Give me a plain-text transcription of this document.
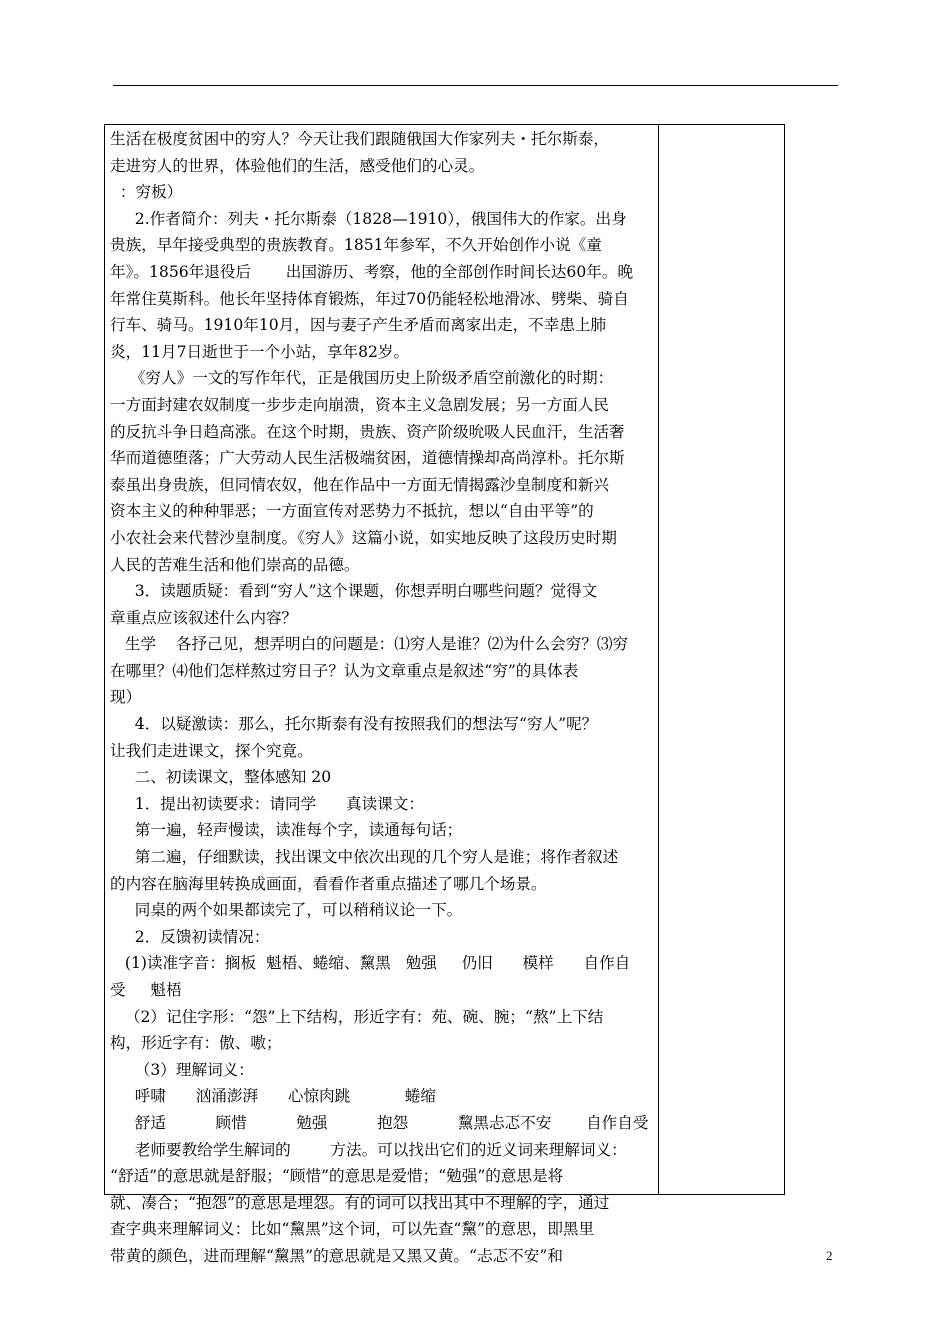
生活在极度贫困中的穷人？今天让我们跟随俄国大作家列夫・托尔斯泰，
走进穷人的世界，体验他们的生活，感受他们的心灵。
：穷板）
2.作者简介：列夫・托尔斯泰（1828—1910），俄国伟大的作家。出身
贵族，早年接受典型的贵族教育。1851年参军，不久开始创作小说《童
年》。1856年退役后       出国游历、考察，他的全部创作时间长达60年。晚
年常住莫斯科。他长年坚持体育锻炼，年过70仍能轻松地滑冰、劈柴、骑自
行车、骑马。1910年10月，因与妻子产生矛盾而离家出走，不幸患上肺
炎，11月7日逝世于一个小站，享年82岁。
《穷人》一文的写作年代，正是俄国历史上阶级矛盾空前激化的时期：
一方面封建农奴制度一步步走向崩溃，资本主义急剧发展；另一方面人民
的反抗斗争日趋高涨。在这个时期，贵族、资产阶级吮吸人民血汗，生活奢
华而道德堕落；广大劳动人民生活极端贫困，道德情操却高尚淳朴。托尔斯
泰虽出身贵族，但同情农奴，他在作品中一方面无情揭露沙皇制度和新兴
资本主义的种种罪恶；一方面宣传对恶势力不抵抗，想以“自由平等”的
小农社会来代替沙皇制度。《穷人》这篇小说，如实地反映了这段历史时期
人民的苦难生活和他们崇高的品德。
3．读题质疑：看到“穷人”这个课题，你想弄明白哪些问题？觉得文
章重点应该叙述什么内容？
生学    各抒己见，想弄明白的问题是：⑴穷人是谁？⑵为什么会穷？⑶穷
在哪里？⑷他们怎样熬过穷日子？认为文章重点是叙述“穷”的具体表
现）
4．以疑激读：那么，托尔斯泰有没有按照我们的想法写“穷人”呢？
让我们走进课文，探个究竟。
二、初读课文，整体感知 20
1．提出初读要求：请同学      真读课文：
第一遍，轻声慢读，读准每个字，读通每句话；
第二遍，仔细默读，找出课文中依次出现的几个穷人是谁；将作者叙述
的内容在脑海里转换成画面，看看作者重点描述了哪几个场景。
同桌的两个如果都读完了，可以稍稍议论一下。
2．反馈初读情况：
(1)读准字音：搁板  魁梧、蜷缩、黧黑   勉强     仍旧      模样      自作自
受     魁梧
（2）记住字形：“怨”上下结构，形近字有：苑、碗、腕；“熬”上下结
构，形近字有：傲、嗷；
（3）理解词义：
呼啸      汹涌澎湃      心惊肉跳           蜷缩
舒适          顾惜          勉强          抱怨          黧黑忐忑不安       自作自受
老师要教给学生解词的        方法。可以找出它们的近义词来理解词义：
“舒适”的意思就是舒服；“顾惜”的意思是爱惜；“勉强”的意思是将
就、凑合；“抱怨”的意思是埋怨。有的词可以找出其中不理解的字，通过
查字典来理解词义：比如“黧黑”这个词，可以先查“黧”的意思，即黑里
带黄的颜色，进而理解“黧黑”的意思就是又黑又黄。“忐忑不安”和	2
